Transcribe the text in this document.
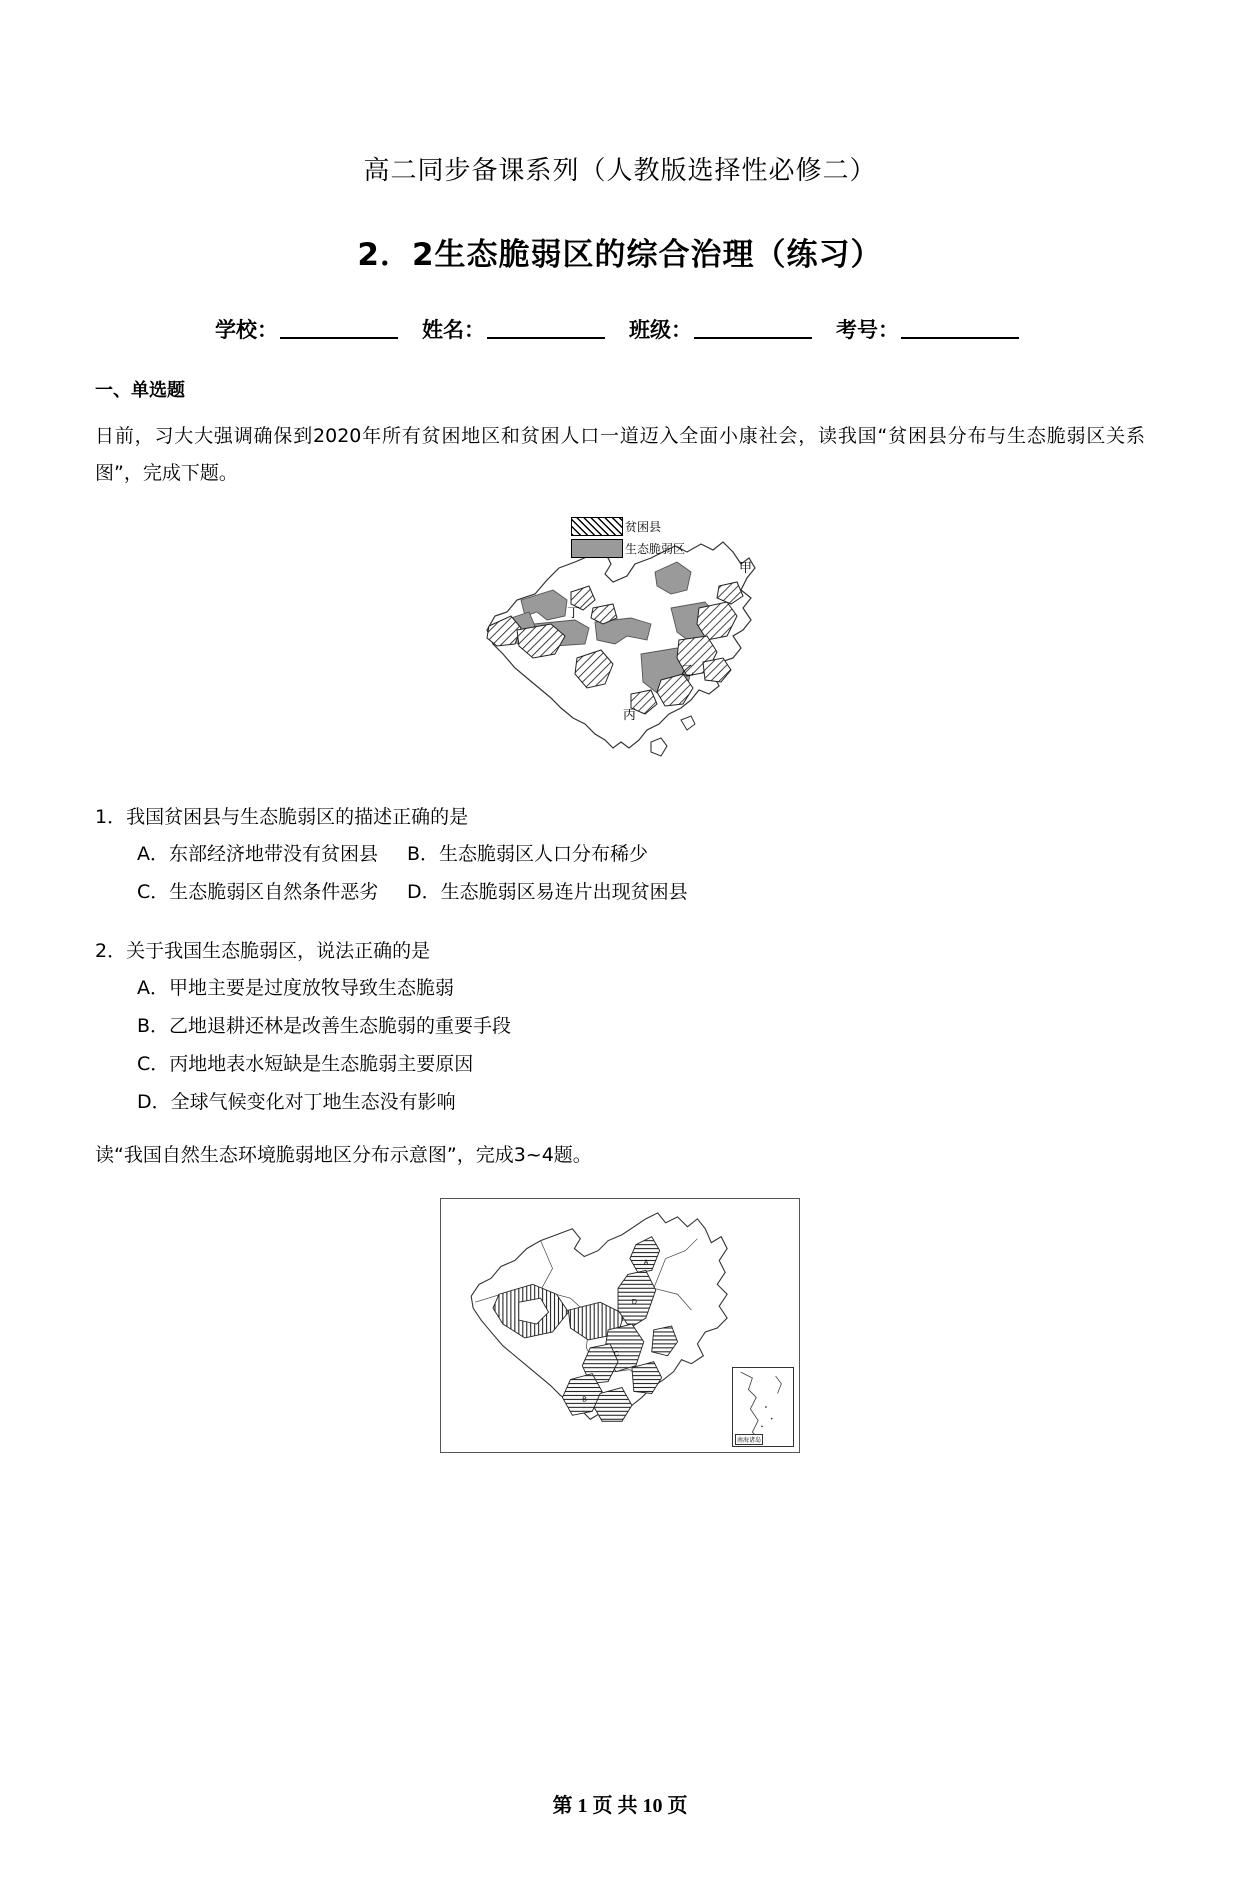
高二同步备课系列（人教版选择性必修二）
2．2生态脆弱区的综合治理（练习）
学校：	姓名：	班级：	考号：
一、单选题
日前，习大大强调确保到2020年所有贫困地区和贫困人口一道迈入全面小康社会，读我国“贫困县分布与生态脆弱区关系图”，完成下题。
贫困县
生态脆弱区
甲
乙
丙
丁
1．我国贫困县与生态脆弱区的描述正确的是
A．东部经济地带没有贫困县 B．生态脆弱区人口分布稀少
C．生态脆弱区自然条件恶劣 D．生态脆弱区易连片出现贫困县
2．关于我国生态脆弱区，说法正确的是
A．甲地主要是过度放牧导致生态脆弱
B．乙地退耕还林是改善生态脆弱的重要手段
C．丙地地表水短缺是生态脆弱主要原因
D．全球气候变化对丁地生态没有影响
读“我国自然生态环境脆弱地区分布示意图”，完成3~4题。
A
D
C
B
南海诸岛
第 1 页 共 10 页
